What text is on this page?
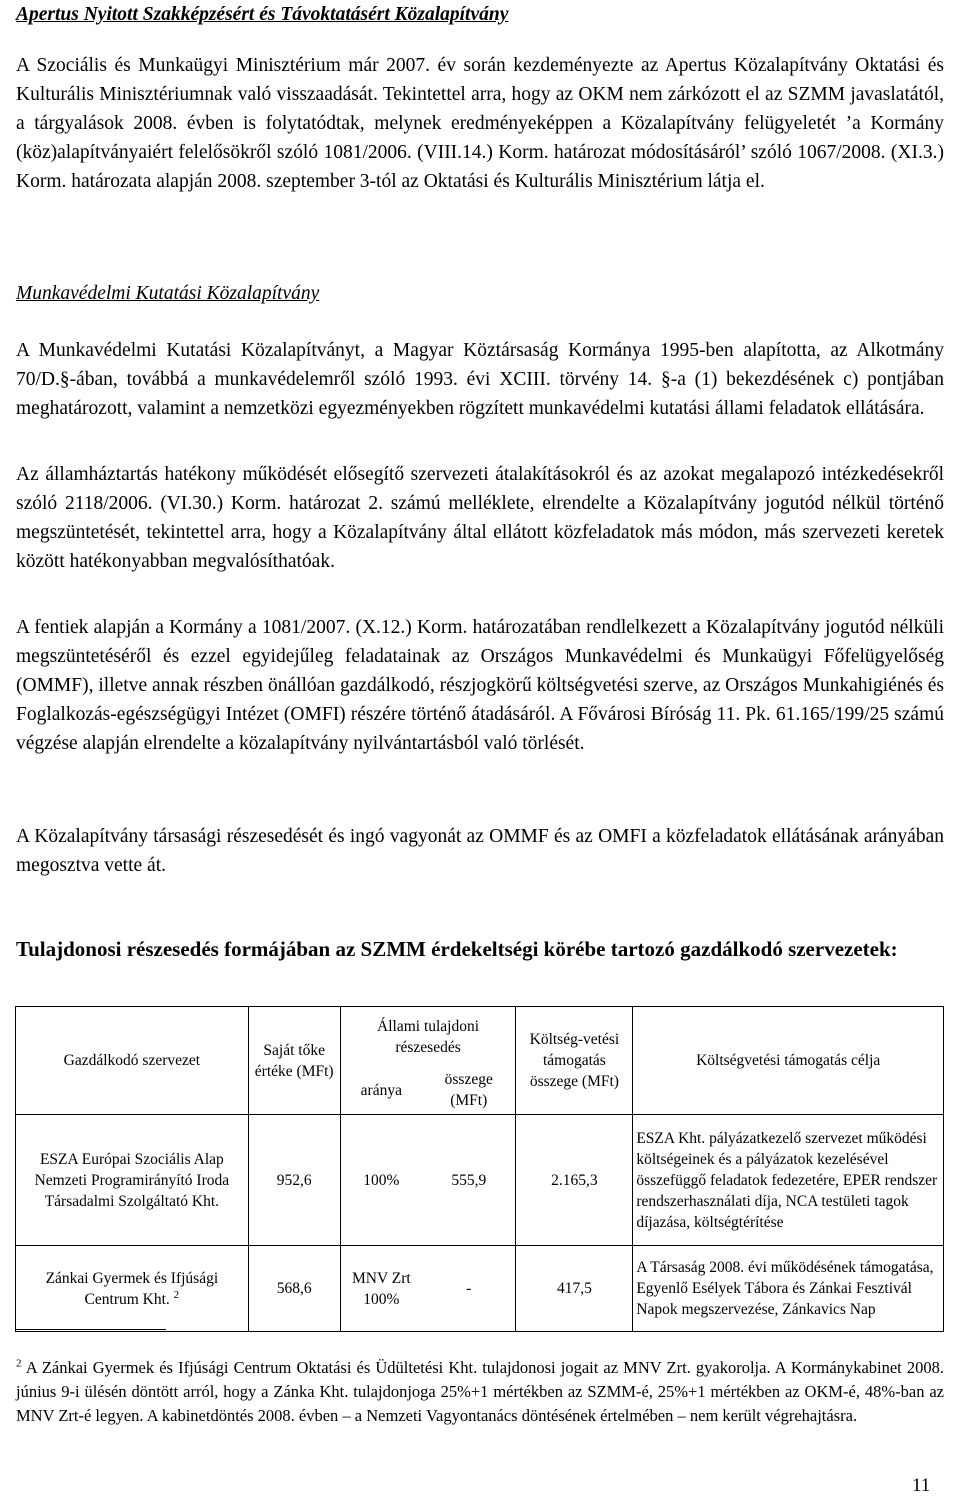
Apertus Nyitott Szakképzésért és Távoktatásért Közalapítvány
A Szociális és Munkaügyi Minisztérium már 2007. év során kezdeményezte az Apertus Közalapítvány Oktatási és Kulturális Minisztériumnak való visszaadását. Tekintettel arra, hogy az OKM nem zárkózott el az SZMM javaslatától, a tárgyalások 2008. évben is folytatódtak, melynek eredményeképpen a Közalapítvány felügyeletét ’a Kormány (köz)alapítványaiért felelősökről szóló 1081/2006. (VIII.14.) Korm. határozat módosításáról’ szóló 1067/2008. (XI.3.) Korm. határozata alapján 2008. szeptember 3-tól az Oktatási és Kulturális Minisztérium látja el.
Munkavédelmi Kutatási Közalapítvány
A Munkavédelmi Kutatási Közalapítványt, a Magyar Köztársaság Kormánya 1995-ben alapította, az Alkotmány 70/D.§-ában, továbbá a munkavédelemről szóló 1993. évi XCIII. törvény 14. §-a (1) bekezdésének c) pontjában meghatározott, valamint a nemzetközi egyezményekben rögzített munkavédelmi kutatási állami feladatok ellátására.
Az államháztartás hatékony működését elősegítő szervezeti átalakításokról és az azokat megalapozó intézkedésekről szóló 2118/2006. (VI.30.) Korm. határozat 2. számú melléklete, elrendelte a Közalapítvány jogutód nélkül történő megszüntetését, tekintettel arra, hogy a Közalapítvány által ellátott közfeladatok más módon, más szervezeti keretek között hatékonyabban megvalósíthatóak.
A fentiek alapján a Kormány a 1081/2007. (X.12.) Korm. határozatában rendlelkezett a Közalapítvány jogutód nélküli megszüntetéséről és ezzel egyidejűleg feladatainak az Országos Munkavédelmi és Munkaügyi Főfelügyelőség (OMMF), illetve annak részben önállóan gazdálkodó, részjogkörű költségvetési szerve, az Országos Munkahigiénés és Foglalkozás-egészségügyi Intézet (OMFI) részére történő átadásáról. A Fővárosi Bíróság 11. Pk. 61.165/199/25 számú végzése alapján elrendelte a közalapítvány nyilvántartásból való törlését.
A Közalapítvány társasági részesedését és ingó vagyonát az OMMF és az OMFI a közfeladatok ellátásának arányában megosztva vette át.
Tulajdonosi részesedés formájában az SZMM érdekeltségi körébe tartozó gazdálkodó szervezetek:
Gazdálkodó szervezet	Saját tőke értéke (MFt)	Állami tulajdoni részesedés		Költség-vetési támogatás összege (MFt)	Költségvetési támogatás célja
		aránya	összege (MFt)		
ESZA Európai Szociális Alap Nemzeti Programirányító Iroda Társadalmi Szolgáltató Kht.	952,6	100%	555,9	2.165,3	ESZA Kht. pályázatkezelő szervezet működési költségeinek és a pályázatok kezelésével összefüggő feladatok fedezetére, EPER rendszer rendszerhasználati díja, NCA testületi tagok díjazása, költségtérítése
Zánkai Gyermek és Ifjúsági Centrum Kht. $^2$	568,6	MNV Zrt 100%	-	417,5	A Társaság 2008. évi működésének támogatása, Egyenlő Esélyek Tábora és Zánkai Fesztivál Napok megszervezése, Zánkavics Nap
$^2$ A Zánkai Gyermek és Ifjúsági Centrum Oktatási és Üdültetési Kht. tulajdonosi jogait az MNV Zrt. gyakorolja. A Kormánykabinet 2008. június 9-i ülésén döntött arról, hogy a Zánka Kht. tulajdonjoga 25%+1 mértékben az SZMM-é, 25%+1 mértékben az OKM-é, 48%-ban az MNV Zrt-é legyen. A kabinetdöntés 2008. évben – a Nemzeti Vagyontanács döntésének értelmében – nem került végrehajtásra.
11
